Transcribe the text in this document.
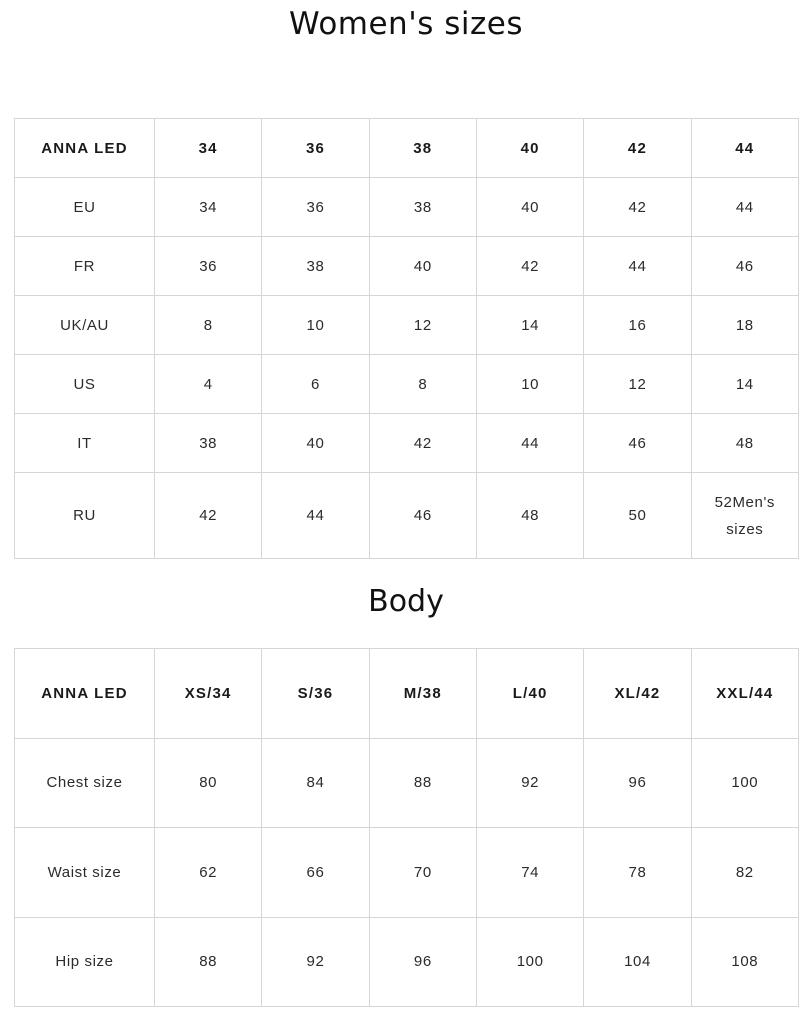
Women's sizes
ANNA LED	34	36	38	40	42	44
EU	34	36	38	40	42	44
FR	36	38	40	42	44	46
UK/AU	8	10	12	14	16	18
US	4	6	8	10	12	14
IT	38	40	42	44	46	48
RU	42	44	46	48	50	52Men's sizes
Body
ANNA LED	XS/34	S/36	M/38	L/40	XL/42	XXL/44
Chest size	80	84	88	92	96	100
Waist size	62	66	70	74	78	82
Hip size	88	92	96	100	104	108
